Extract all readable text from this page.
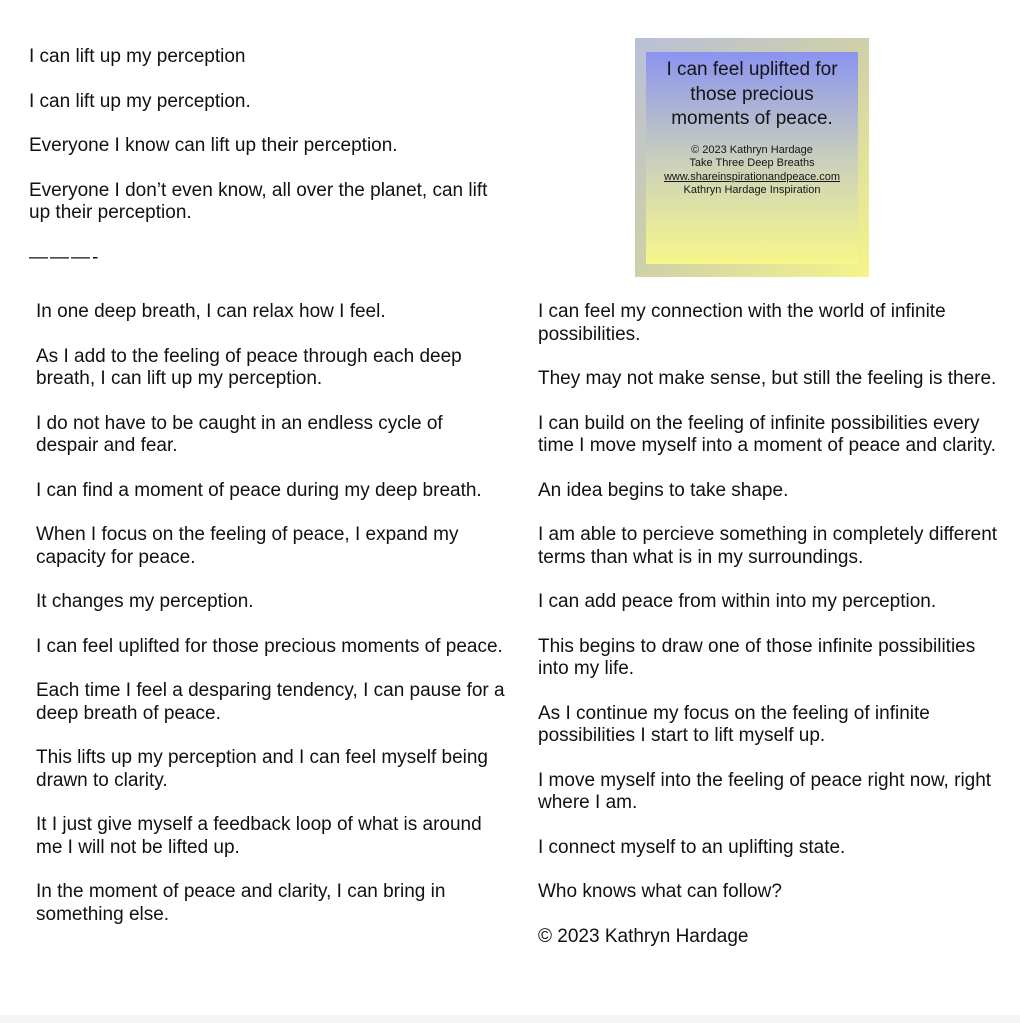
I can lift up my perception

I can lift up my perception.

Everyone I know can lift up their perception.

Everyone I don’t even know, all over the planet, can lift up their perception.

———-

I can feel uplifted for those precious moments of peace.

© 2023 Kathryn Hardage
Take Three Deep Breaths
www.shareinspirationandpeace.com
Kathryn Hardage Inspiration

In one deep breath, I can relax how I feel.

As I add to the feeling of peace through each deep breath, I can lift up my perception.

I do not have to be caught in an endless cycle of despair and fear.

I can find a moment of peace during my deep breath.

When I focus on the feeling of peace, I expand my capacity for peace.

It changes my perception.

I can feel uplifted for those precious moments of peace.

Each time I feel a desparing tendency, I can pause for a deep breath of peace.

This lifts up my perception and I can feel myself being drawn to clarity.

It I just give myself a feedback loop of what is around me I will not be lifted up.

In the moment of peace and clarity, I can bring in something else.

I can feel my connection with the world of infinite possibilities.

They may not make sense, but still the feeling is there.

I can build on the feeling of infinite possibilities every time I move myself into a moment of peace and clarity.

An idea begins to take shape.

I am able to percieve something in completely different terms than what is in my surroundings.

I can add peace from within into my perception.

This begins to draw one of those infinite possibilities into my life.

As I continue my focus on the feeling of infinite possibilities I start to lift myself up.

I move myself into the feeling of peace right now, right where I am.

I connect myself to an uplifting state.

Who knows what can follow?

© 2023 Kathryn Hardage
